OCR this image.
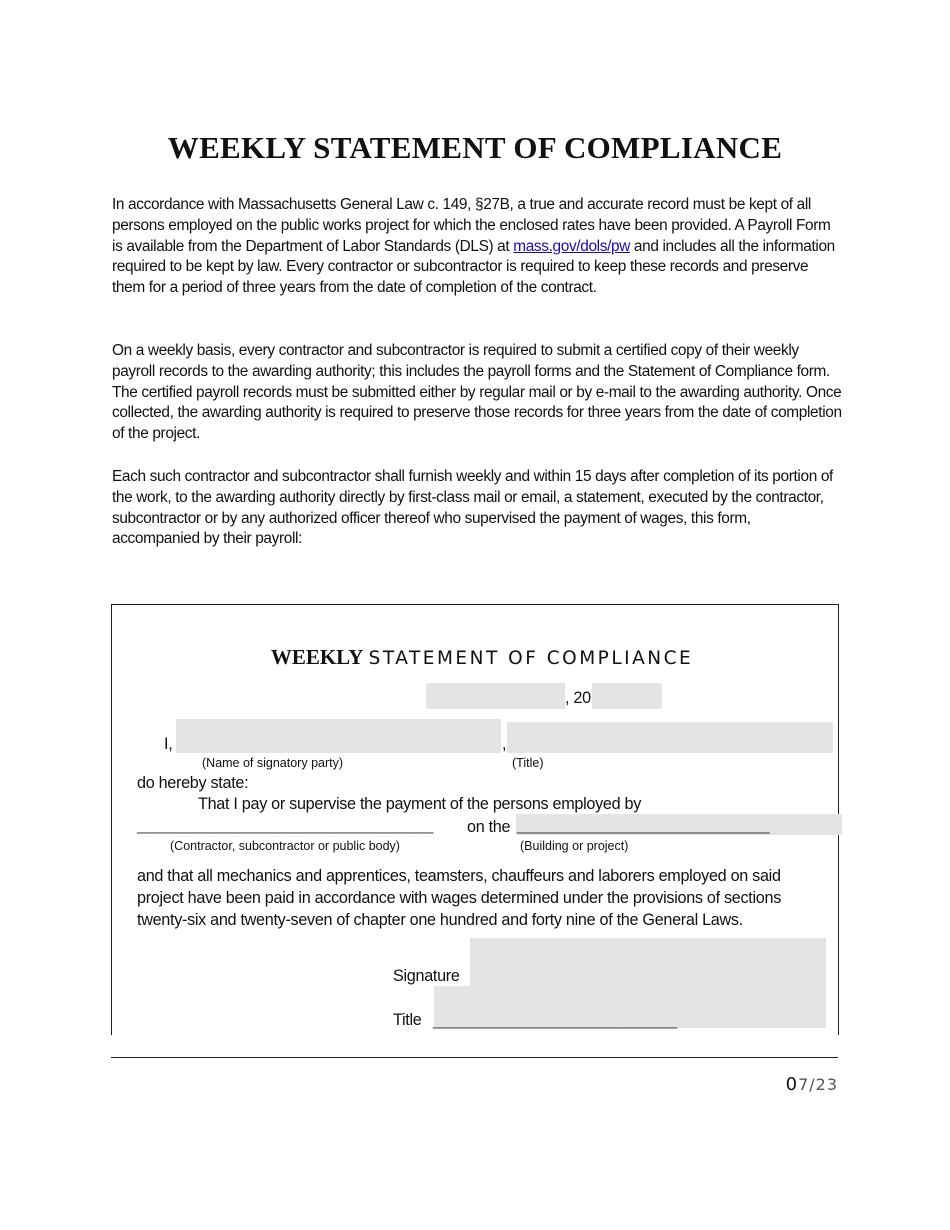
WEEKLY STATEMENT OF COMPLIANCE

In accordance with Massachusetts General Law c. 149, §27B, a true and accurate record must be kept of all persons employed on the public works project for which the enclosed rates have been provided. A Payroll Form is available from the Department of Labor Standards (DLS) at mass.gov/dols/pw and includes all the information required to be kept by law. Every contractor or subcontractor is required to keep these records and preserve them for a period of three years from the date of completion of the contract.

On a weekly basis, every contractor and subcontractor is required to submit a certified copy of their weekly payroll records to the awarding authority; this includes the payroll forms and the Statement of Compliance form. The certified payroll records must be submitted either by regular mail or by e-mail to the awarding authority. Once collected, the awarding authority is required to preserve those records for three years from the date of completion of the project.

Each such contractor and subcontractor shall furnish weekly and within 15 days after completion of its portion of the work, to the awarding authority directly by first-class mail or email, a statement, executed by the contractor, subcontractor or by any authorized officer thereof who supervised the payment of wages, this form, accompanied by their payroll:

WEEKLY STATEMENT OF COMPLIANCE
, 20
I,	,
(Name of signatory party)	(Title)
do hereby state:
That I pay or supervise the payment of the persons employed by
__________________________________ on the _____________________________
(Contractor, subcontractor or public body)	(Building or project)

and that all mechanics and apprentices, teamsters, chauffeurs and laborers employed on said project have been paid in accordance with wages determined under the provisions of sections twenty-six and twenty-seven of chapter one hundred and forty nine of the General Laws.

Signature
Title ____________________________
07/23
